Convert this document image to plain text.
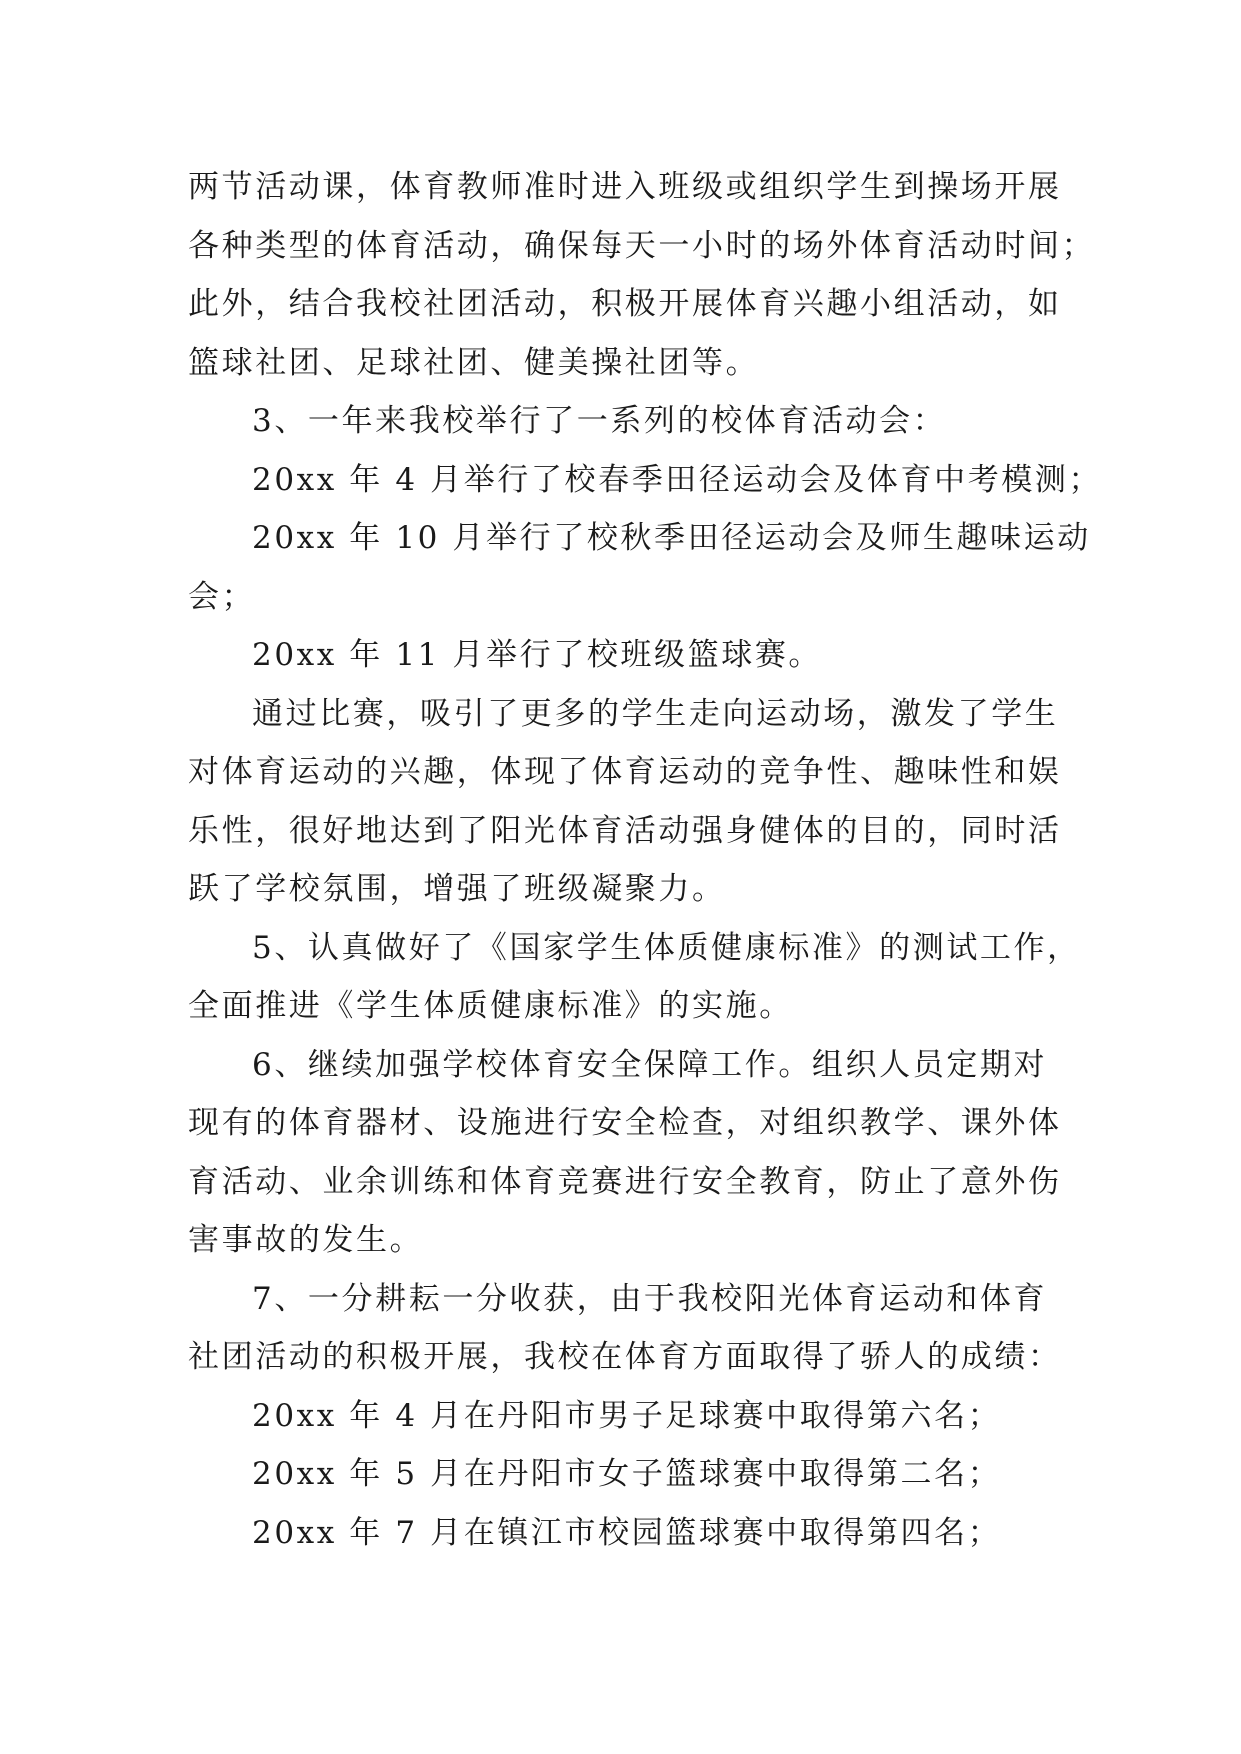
两节活动课，体育教师准时进入班级或组织学生到操场开展
各种类型的体育活动，确保每天一小时的场外体育活动时间；
此外，结合我校社团活动，积极开展体育兴趣小组活动，如
篮球社团、足球社团、健美操社团等。
3、一年来我校举行了一系列的校体育活动会：
20xx 年 4 月举行了校春季田径运动会及体育中考模测；
20xx 年 10 月举行了校秋季田径运动会及师生趣味运动
会；
20xx 年 11 月举行了校班级篮球赛。
通过比赛，吸引了更多的学生走向运动场，激发了学生
对体育运动的兴趣，体现了体育运动的竞争性、趣味性和娱
乐性，很好地达到了阳光体育活动强身健体的目的，同时活
跃了学校氛围，增强了班级凝聚力。
5、认真做好了《国家学生体质健康标准》的测试工作，
全面推进《学生体质健康标准》的实施。
6、继续加强学校体育安全保障工作。组织人员定期对
现有的体育器材、设施进行安全检查，对组织教学、课外体
育活动、业余训练和体育竞赛进行安全教育，防止了意外伤
害事故的发生。
7、一分耕耘一分收获，由于我校阳光体育运动和体育
社团活动的积极开展，我校在体育方面取得了骄人的成绩：
20xx 年 4 月在丹阳市男子足球赛中取得第六名；
20xx 年 5 月在丹阳市女子篮球赛中取得第二名；
20xx 年 7 月在镇江市校园篮球赛中取得第四名；
